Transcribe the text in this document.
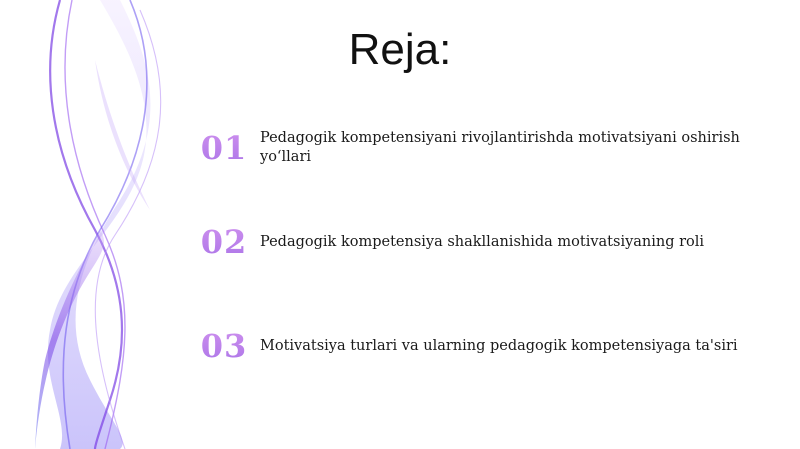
Reja:
01 Pedagogik kompetensiyani rivojlantirishda motivatsiyani oshirish yo‘llari
02 Pedagogik kompetensiya shakllanishida motivatsiyaning roli
03 Motivatsiya turlari va ularning pedagogik kompetensiyaga ta'siri
